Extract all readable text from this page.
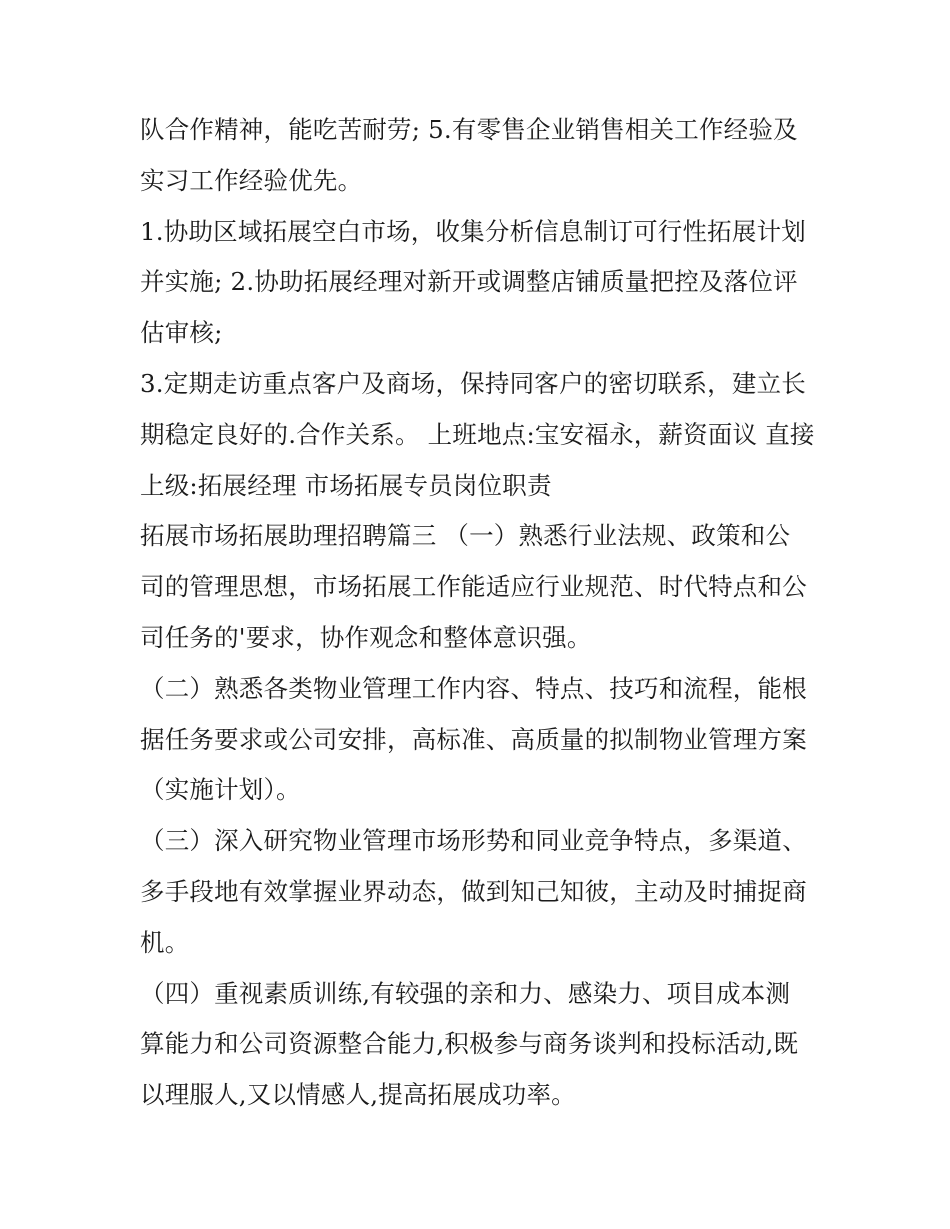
队合作精神，能吃苦耐劳; 5.有零售企业销售相关工作经验及
实习工作经验优先。
1.协助区域拓展空白市场，收集分析信息制订可行性拓展计划
并实施; 2.协助拓展经理对新开或调整店铺质量把控及落位评
估审核;
3.定期走访重点客户及商场，保持同客户的密切联系，建立长
期稳定良好的.合作关系。 上班地点:宝安福永，薪资面议 直接
上级:拓展经理 市场拓展专员岗位职责
拓展市场拓展助理招聘篇三 （一）熟悉行业法规、政策和公
司的管理思想，市场拓展工作能适应行业规范、时代特点和公
司任务的'要求，协作观念和整体意识强。
（二）熟悉各类物业管理工作内容、特点、技巧和流程，能根
据任务要求或公司安排，高标准、高质量的拟制物业管理方案
（实施计划）。
（三）深入研究物业管理市场形势和同业竞争特点，多渠道、
多手段地有效掌握业界动态，做到知己知彼，主动及时捕捉商
机。
（四）重视素质训练,有较强的亲和力、感染力、项目成本测
算能力和公司资源整合能力,积极参与商务谈判和投标活动,既
以理服人,又以情感人,提高拓展成功率。
